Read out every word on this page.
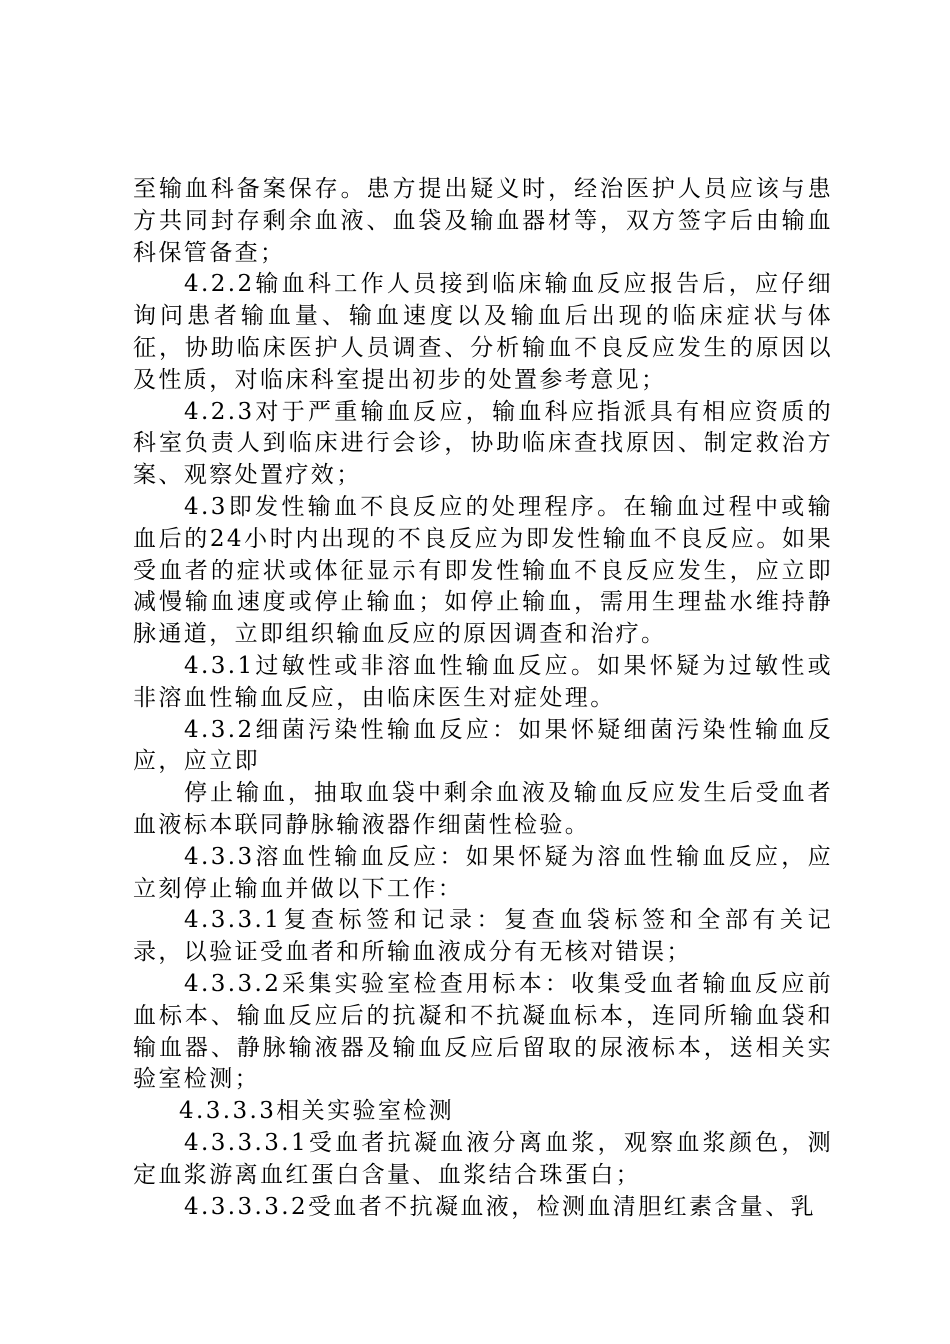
至输血科备案保存。患方提出疑义时，经治医护人员应该与患方共同封存剩余血液、血袋及输血器材等，双方签字后由输血科保管备查；

4.2.2输血科工作人员接到临床输血反应报告后，应仔细询问患者输血量、输血速度以及输血后出现的临床症状与体征，协助临床医护人员调查、分析输血不良反应发生的原因以及性质，对临床科室提出初步的处置参考意见；

4.2.3对于严重输血反应，输血科应指派具有相应资质的科室负责人到临床进行会诊，协助临床查找原因、制定救治方案、观察处置疗效；

4.3即发性输血不良反应的处理程序。在输血过程中或输血后的24小时内出现的不良反应为即发性输血不良反应。如果受血者的症状或体征显示有即发性输血不良反应发生，应立即减慢输血速度或停止输血；如停止输血，需用生理盐水维持静脉通道，立即组织输血反应的原因调查和治疗。

4.3.1过敏性或非溶血性输血反应。如果怀疑为过敏性或非溶血性输血反应，由临床医生对症处理。

4.3.2细菌污染性输血反应：如果怀疑细菌污染性输血反应，应立即

停止输血，抽取血袋中剩余血液及输血反应发生后受血者血液标本联同静脉输液器作细菌性检验。

4.3.3溶血性输血反应：如果怀疑为溶血性输血反应，应立刻停止输血并做以下工作：

4.3.3.1复查标签和记录：复查血袋标签和全部有关记录，以验证受血者和所输血液成分有无核对错误；

4.3.3.2采集实验室检查用标本：收集受血者输血反应前血标本、输血反应后的抗凝和不抗凝血标本，连同所输血袋和输血器、静脉输液器及输血反应后留取的尿液标本，送相关实验室检测；

4.3.3.3相关实验室检测

4.3.3.3.1受血者抗凝血液分离血浆，观察血浆颜色，测定血浆游离血红蛋白含量、血浆结合珠蛋白；

4.3.3.3.2受血者不抗凝血液，检测血清胆红素含量、乳
